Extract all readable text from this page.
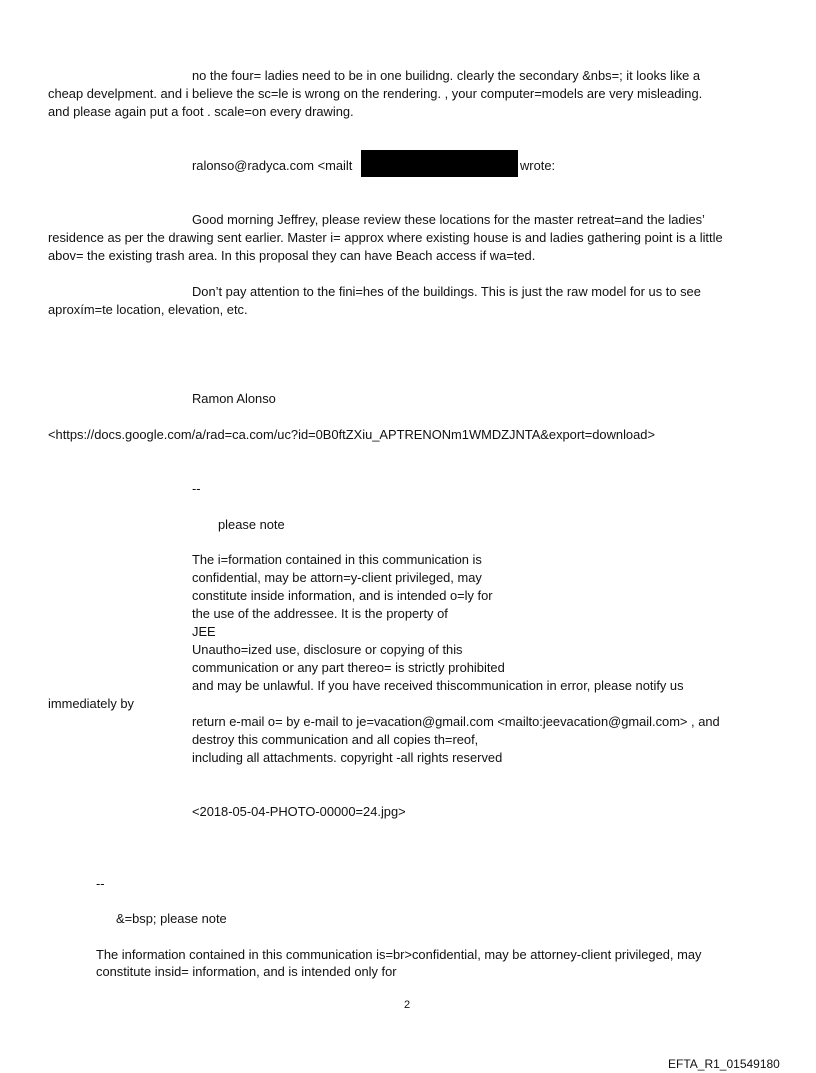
no the four= ladies need to be in one builidng. clearly the secondary &nbs=; it looks like a

cheap develpment. and i believe the sc=le is wrong on the rendering. , your computer=models are very misleading.

and please again put a foot . scale=on every drawing.

ralonso@radyca.com <mailt	wrote:

Good morning Jeffrey, please review these locations for the master retreat=and the ladies’

residence as per the drawing sent earlier. Master i= approx where existing house is and ladies gathering point is a little

abov= the existing trash area. In this proposal they can have Beach access if wa=ted.

Don’t pay attention to the fini=hes of the buildings. This is just the raw model for us to see

aproxím=te location, elevation, etc.

Ramon Alonso

<https://docs.google.com/a/rad=ca.com/uc?id=0B0ftZXiu_APTRENONm1WMDZJNTA&export=download>

--

please note

The i=formation contained in this communication is

confidential, may be attorn=y-client privileged, may

constitute inside information, and is intended o=ly for

the use of the addressee. It is the property of

JEE

Unautho=ized use, disclosure or copying of this

communication or any part thereo= is strictly prohibited

and may be unlawful. If you have received thiscommunication in error, please notify us

immediately by

return e-mail o= by e-mail to je=vacation@gmail.com <mailto:jeevacation@gmail.com> , and

destroy this communication and all copies th=reof,

including all attachments. copyright -all rights reserved

<2018-05-04-PHOTO-00000=24.jpg>

--

&=bsp; please note

The information contained in this communication is=br>confidential, may be attorney-client privileged, may

constitute insid= information, and is intended only for

2

EFTA_R1_01549180
